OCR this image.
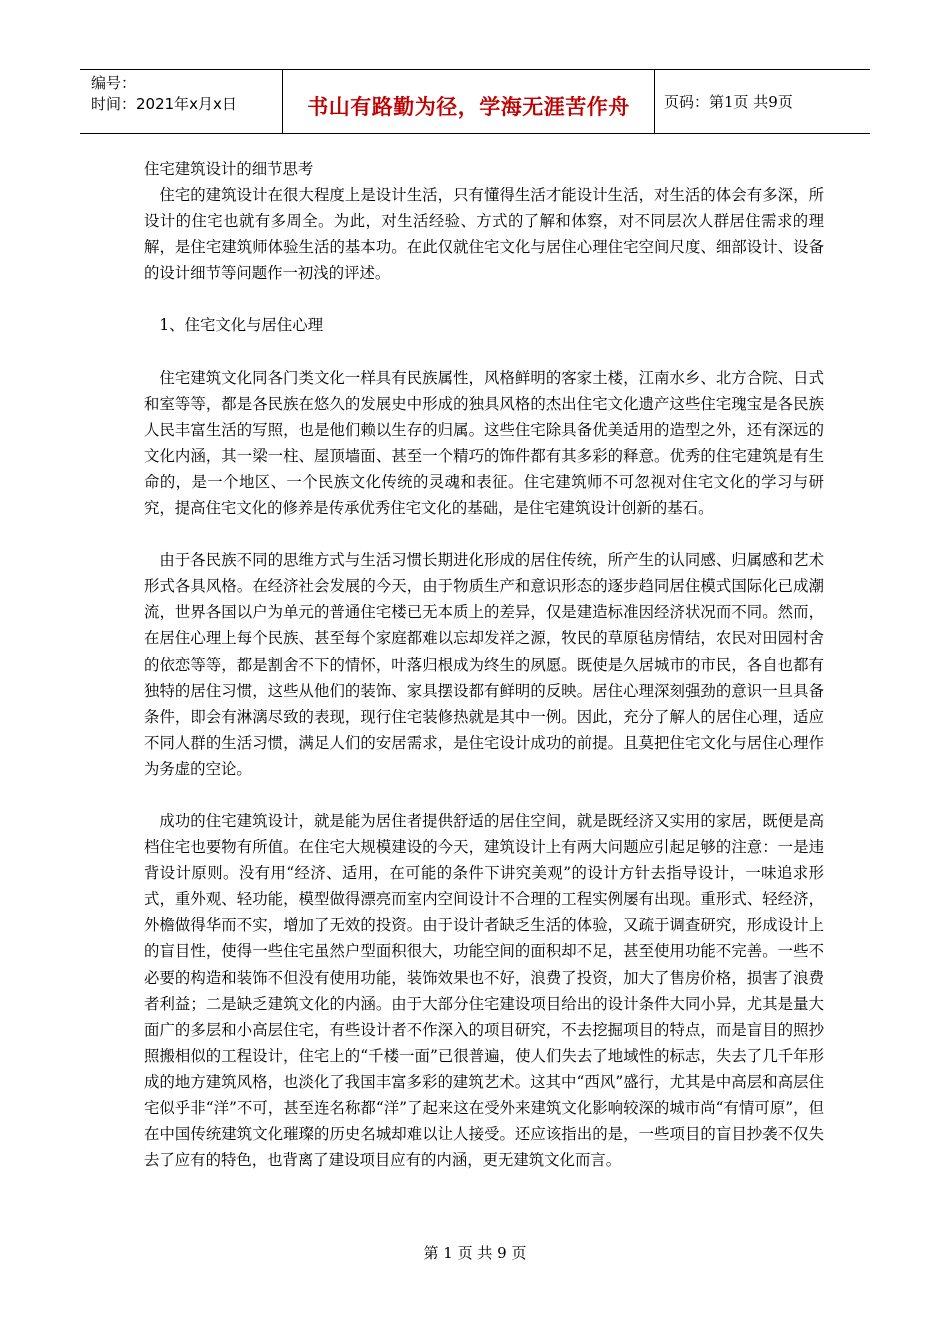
编号：
时间：2021年x月x日	书山有路勤为径，学海无涯苦作舟 页码：第1页 共9页

住宅建筑设计的细节思考

住宅的建筑设计在很大程度上是设计生活，只有懂得生活才能设计生活，对生活的体会有多深，所设计的住宅也就有多周全。为此，对生活经验、方式的了解和体察，对不同层次人群居住需求的理解，是住宅建筑师体验生活的基本功。在此仅就住宅文化与居住心理住宅空间尺度、细部设计、设备的设计细节等问题作一初浅的评述。

1、住宅文化与居住心理

住宅建筑文化同各门类文化一样具有民族属性，风格鲜明的客家土楼，江南水乡、北方合院、日式和室等等，都是各民族在悠久的发展史中形成的独具风格的杰出住宅文化遗产这些住宅瑰宝是各民族人民丰富生活的写照，也是他们赖以生存的归属。这些住宅除具备优美适用的造型之外，还有深远的文化内涵，其一梁一柱、屋顶墙面、甚至一个精巧的饰件都有其多彩的释意。优秀的住宅建筑是有生命的，是一个地区、一个民族文化传统的灵魂和表征。住宅建筑师不可忽视对住宅文化的学习与研究，提高住宅文化的修养是传承优秀住宅文化的基础，是住宅建筑设计创新的基石。

由于各民族不同的思维方式与生活习惯长期进化形成的居住传统，所产生的认同感、归属感和艺术形式各具风格。在经济社会发展的今天，由于物质生产和意识形态的逐步趋同居住模式国际化已成潮流，世界各国以户为单元的普通住宅楼已无本质上的差异，仅是建造标准因经济状况而不同。然而，在居住心理上每个民族、甚至每个家庭都难以忘却发祥之源，牧民的草原毡房情结，农民对田园村舍的依恋等等，都是割舍不下的情怀，叶落归根成为终生的夙愿。既使是久居城市的市民，各自也都有独特的居住习惯，这些从他们的装饰、家具摆设都有鲜明的反映。居住心理深刻强劲的意识一旦具备条件，即会有淋漓尽致的表现，现行住宅装修热就是其中一例。因此，充分了解人的居住心理，适应不同人群的生活习惯，满足人们的安居需求，是住宅设计成功的前提。且莫把住宅文化与居住心理作为务虚的空论。

成功的住宅建筑设计，就是能为居住者提供舒适的居住空间，就是既经济又实用的家居，既便是高档住宅也要物有所值。在住宅大规模建设的今天，建筑设计上有两大问题应引起足够的注意：一是违背设计原则。没有用“经济、适用，在可能的条件下讲究美观”的设计方针去指导设计，一味追求形式，重外观、轻功能，模型做得漂亮而室内空间设计不合理的工程实例屡有出现。重形式、轻经济，外檐做得华而不实，增加了无效的投资。由于设计者缺乏生活的体验，又疏于调查研究，形成设计上的盲目性，使得一些住宅虽然户型面积很大，功能空间的面积却不足，甚至使用功能不完善。一些不必要的构造和装饰不但没有使用功能，装饰效果也不好，浪费了投资，加大了售房价格，损害了浪费者利益；二是缺乏建筑文化的内涵。由于大部分住宅建设项目给出的设计条件大同小异，尤其是量大面广的多层和小高层住宅，有些设计者不作深入的项目研究，不去挖掘项目的特点，而是盲目的照抄照搬相似的工程设计，住宅上的“千楼一面”已很普遍，使人们失去了地域性的标志，失去了几千年形成的地方建筑风格，也淡化了我国丰富多彩的建筑艺术。这其中“西风”盛行，尤其是中高层和高层住宅似乎非“洋”不可，甚至连名称都“洋”了起来这在受外来建筑文化影响较深的城市尚“有情可原”，但在中国传统建筑文化璀璨的历史名城却难以让人接受。还应该指出的是，一些项目的盲目抄袭不仅失去了应有的特色，也背离了建设项目应有的内涵，更无建筑文化而言。

第 1 页 共 9 页
